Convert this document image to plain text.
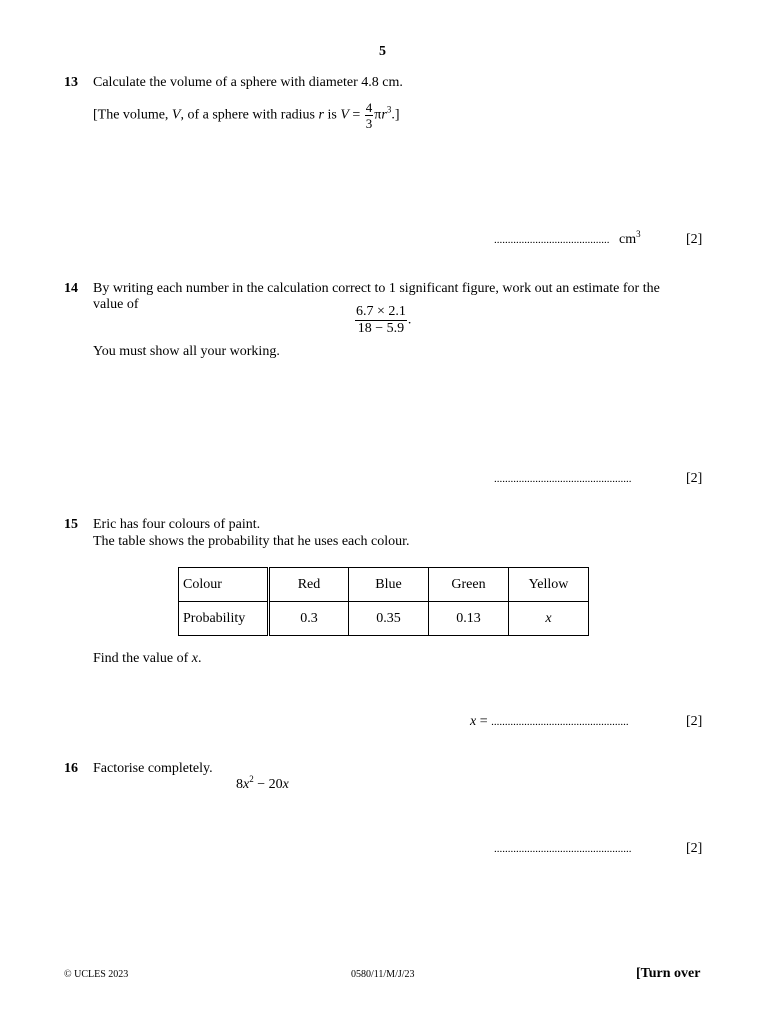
5
13 Calculate the volume of a sphere with diameter 4.8 cm.
[The volume, V, of a sphere with radius r is $V = \frac{4}{3} \pi r^3$.]
.......................................... $cm^3$	[2]
14 By writing each number in the calculation correct to 1 significant figure, work out an estimate for the
value of
$\frac{6.7 \times 2.1}{18 - 5.9}$ .
You must show all your working.
..................................................	[2]
15 Eric has four colours of paint.
The table shows the probability that he uses each colour.
Colour	Red	Blue	Green	Yellow
Probability	0.3	0.35	0.13	x
Find the value of x.
x = ..................................................	[2]
16 Factorise completely.
$8x^2 - 20x$
..................................................	[2]
© UCLES 2023	0580/11/M/J/23	[Turn over
